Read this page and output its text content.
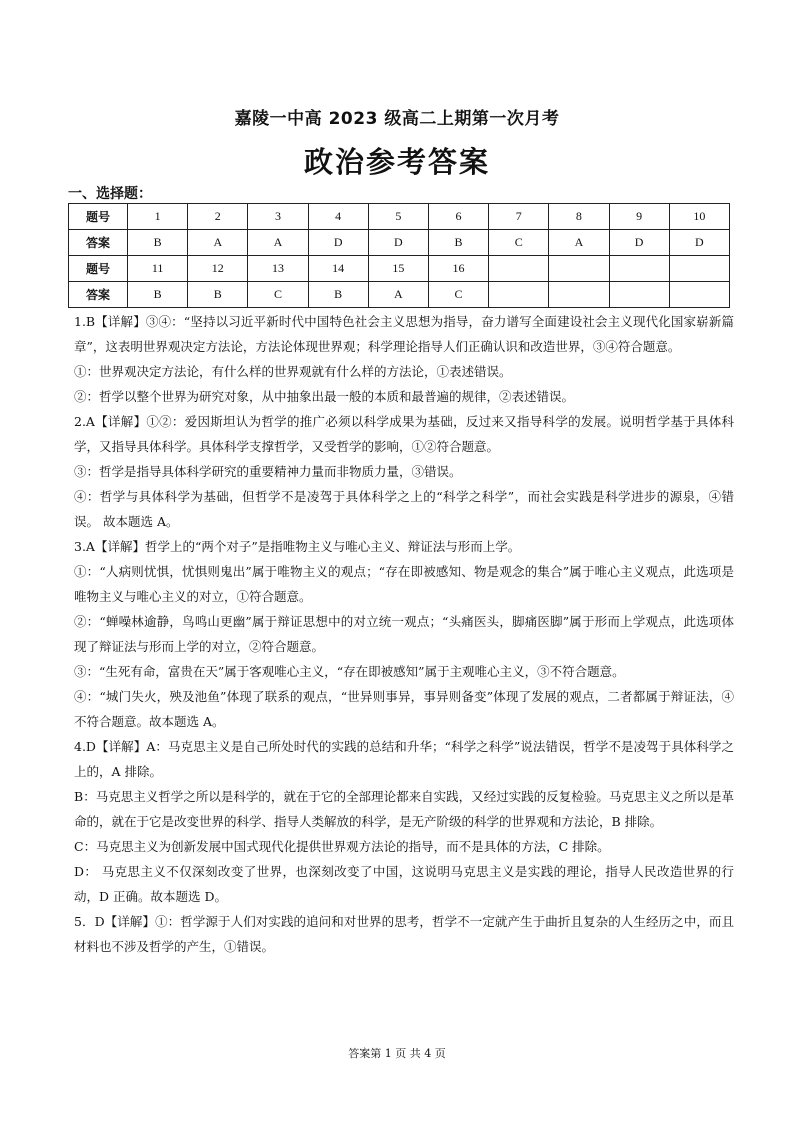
嘉陵一中高 2023 级高二上期第一次月考
政治参考答案
一、选择题：
题号	1	2	3	4	5	6	7	8	9	10
答案	B	A	A	D	D	B	C	A	D	D
题号	11	12	13	14	15	16				
答案	B	B	C	B	A	C				

1.B【详解】③④：“坚持以习近平新时代中国特色社会主义思想为指导，奋力谱写全面建设社会主义现代化国家崭新篇章”，这表明世界观决定方法论，方法论体现世界观；科学理论指导人们正确认识和改造世界，③④符合题意。

①：世界观决定方法论，有什么样的世界观就有什么样的方法论，①表述错误。

②：哲学以整个世界为研究对象，从中抽象出最一般的本质和最普遍的规律，②表述错误。

2.A【详解】①②：爱因斯坦认为哲学的推广必须以科学成果为基础，反过来又指导科学的发展。说明哲学基于具体科学，又指导具体科学。具体科学支撑哲学，又受哲学的影响，①②符合题意。

③：哲学是指导具体科学研究的重要精神力量而非物质力量，③错误。

④：哲学与具体科学为基础，但哲学不是凌驾于具体科学之上的“科学之科学”，而社会实践是科学进步的源泉，④错误。 故本题选 A。

3.A【详解】哲学上的“两个对子”是指唯物主义与唯心主义、辩证法与形而上学。

①：“人病则忧惧，忧惧则鬼出”属于唯物主义的观点；“存在即被感知、物是观念的集合”属于唯心主义观点，此选项是唯物主义与唯心主义的对立，①符合题意。

②：“蝉噪林逾静，鸟鸣山更幽”属于辩证思想中的对立统一观点；“头痛医头，脚痛医脚”属于形而上学观点，此选项体现了辩证法与形而上学的对立，②符合题意。

③：“生死有命，富贵在天”属于客观唯心主义，“存在即被感知”属于主观唯心主义，③不符合题意。

④：“城门失火，殃及池鱼”体现了联系的观点，“世异则事异，事异则备变”体现了发展的观点，二者都属于辩证法，④不符合题意。故本题选 A。

4.D【详解】A：马克思主义是自己所处时代的实践的总结和升华；“科学之科学”说法错误，哲学不是凌驾于具体科学之上的，A 排除。

B：马克思主义哲学之所以是科学的，就在于它的全部理论都来自实践，又经过实践的反复检验。马克思主义之所以是革命的，就在于它是改变世界的科学、指导人类解放的科学，是无产阶级的科学的世界观和方法论，B 排除。

C：马克思主义为创新发展中国式现代化提供世界观方法论的指导，而不是具体的方法，C 排除。

D： 马克思主义不仅深刻改变了世界，也深刻改变了中国，这说明马克思主义是实践的理论，指导人民改造世界的行动，D 正确。故本题选 D。

5．D【详解】①：哲学源于人们对实践的追问和对世界的思考，哲学不一定就产生于曲折且复杂的人生经历之中，而且材料也不涉及哲学的产生，①错误。

答案第 1 页 共 4 页
